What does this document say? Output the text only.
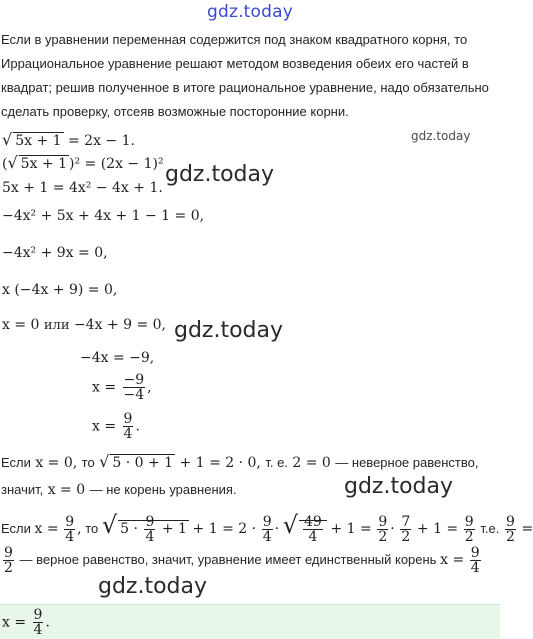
gdz.today
gdz.today
gdz.today
gdz.today
gdz.today
gdz.today
Если в уравнении переменная содержится под знаком квадратного корня, то Иррациональное уравнение решают методом возведения обеих его частей в квадрат; решив полученное в итоге рациональное уравнение, надо обязательно сделать проверку, отсеяв возможные посторонние корни.
√ 5x + 1 = 2x − 1.
(√ 5x + 1 )² = (2x − 1)²
5x + 1 = 4x² − 4x + 1.
−4x² + 5x + 4x + 1 − 1 = 0,
−4x² + 9x = 0,
x (−4x + 9) = 0,
x = 0 или −4x + 9 = 0,
−4x = −9,
$x = \frac{-9}{-4}$ ,
$x = \frac{9}{4}$ .
Если x = 0, то √ 5 · 0 + 1 + 1 = 2 · 0, т. е. 2 = 0 — неверное равенство,
значит, x = 0 — не корень уравнения.
Если $x = \frac{9}{4}$ , то √ $5 \cdot \frac{9}{4} + 1 + 1 = 2 \cdot \frac{9}{4}$ · √ $\frac{49}{4} + 1 = \frac{9}{2} \cdot \frac{7}{2} + 1 = \frac{9}{2} т.е$. $\frac{9}{2}$ =
$\frac{9}{2}$ — верное равенство, значит, уравнение имеет единственный корень $x = \frac{9}{4}$
$x = \frac{9}{4}$ .
